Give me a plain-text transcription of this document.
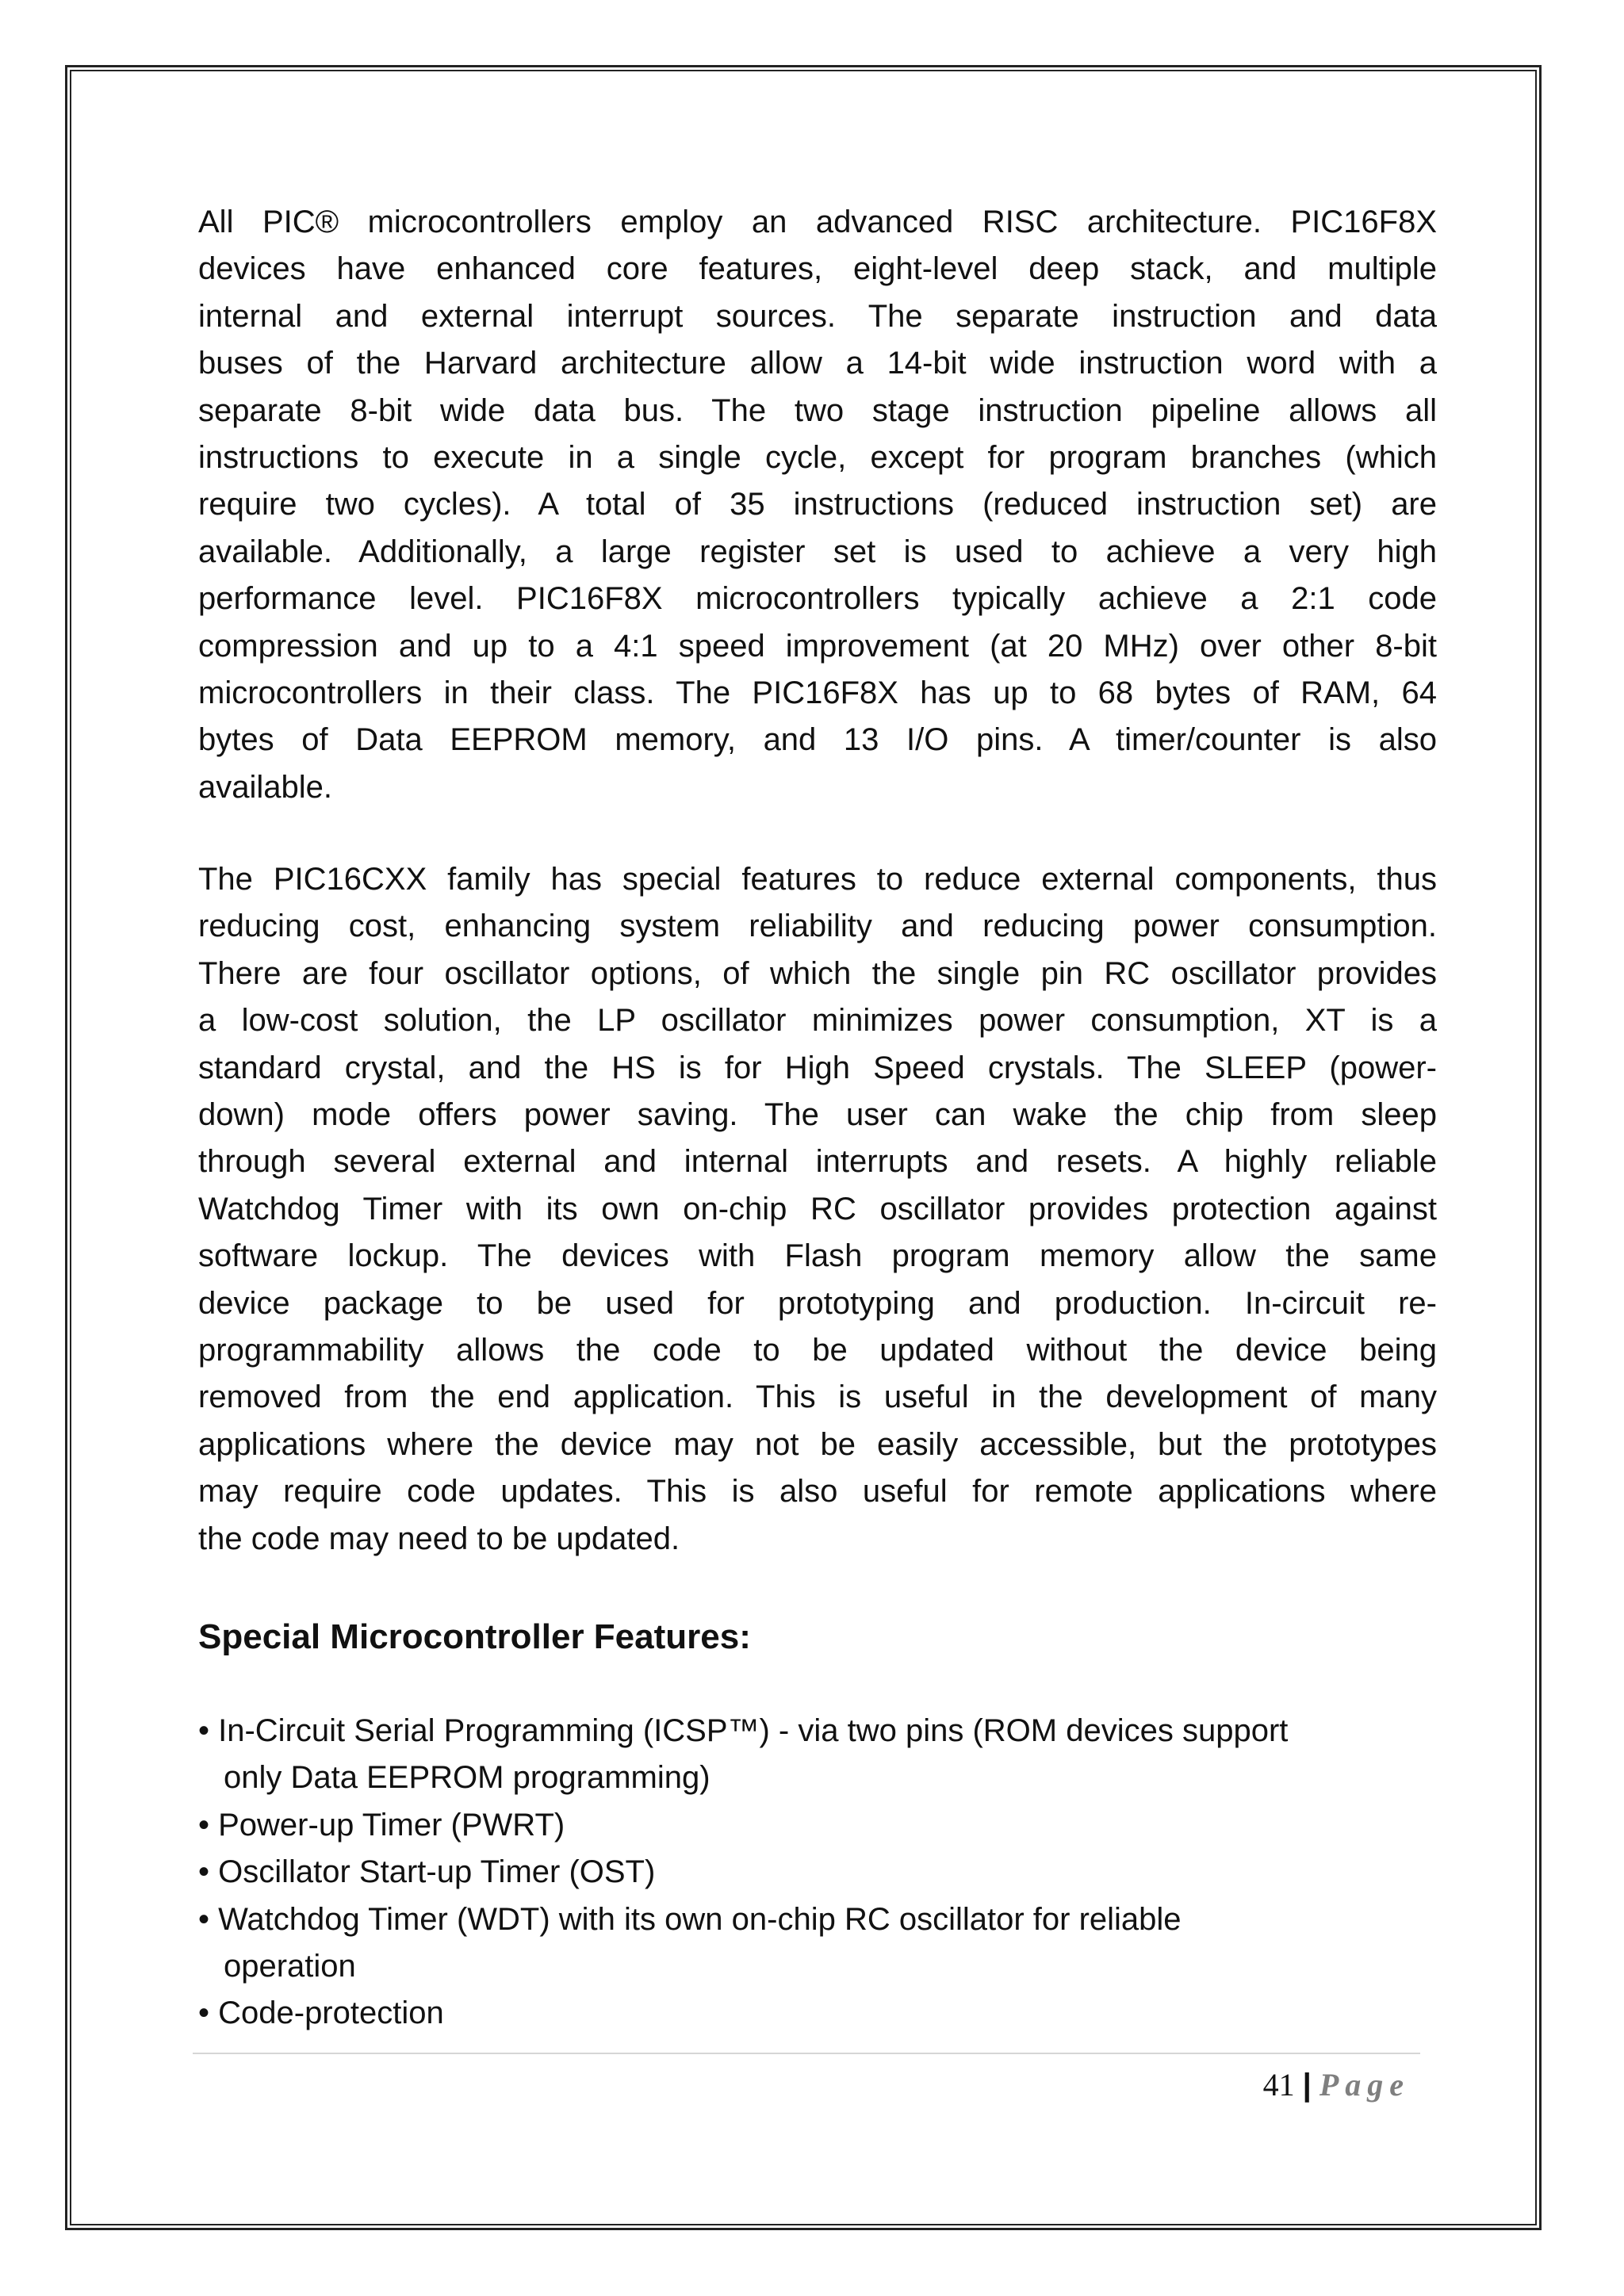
All PIC® microcontrollers employ an advanced RISC architecture. PIC16F8X
devices have enhanced core features, eight-level deep stack, and multiple
internal and external interrupt sources. The separate instruction and data
buses of the Harvard architecture allow a 14-bit wide instruction word with a
separate 8-bit wide data bus. The two stage instruction pipeline allows all
instructions to execute in a single cycle, except for program branches (which
require two cycles). A total of 35 instructions (reduced instruction set) are
available. Additionally, a large register set is used to achieve a very high
performance level. PIC16F8X microcontrollers typically achieve a 2:1 code
compression and up to a 4:1 speed improvement (at 20 MHz) over other 8-bit
microcontrollers in their class. The PIC16F8X has up to 68 bytes of RAM, 64
bytes of Data EEPROM memory, and 13 I/O pins. A timer/counter is also
available.
The PIC16CXX family has special features to reduce external components, thus
reducing cost, enhancing system reliability and reducing power consumption.
There are four oscillator options, of which the single pin RC oscillator provides
a low-cost solution, the LP oscillator minimizes power consumption, XT is a
standard crystal, and the HS is for High Speed crystals. The SLEEP (power-
down) mode offers power saving. The user can wake the chip from sleep
through several external and internal interrupts and resets. A highly reliable
Watchdog Timer with its own on-chip RC oscillator provides protection against
software lockup. The devices with Flash program memory allow the same
device package to be used for prototyping and production. In-circuit re-
programmability allows the code to be updated without the device being
removed from the end application. This is useful in the development of many
applications where the device may not be easily accessible, but the prototypes
may require code updates. This is also useful for remote applications where
the code may need to be updated.
Special Microcontroller Features:
• In-Circuit Serial Programming (ICSP™) - via two pins (ROM devices support
only Data EEPROM programming)
• Power-up Timer (PWRT)
• Oscillator Start-up Timer (OST)
• Watchdog Timer (WDT) with its own on-chip RC oscillator for reliable
operation
• Code-protection
41 | Page
